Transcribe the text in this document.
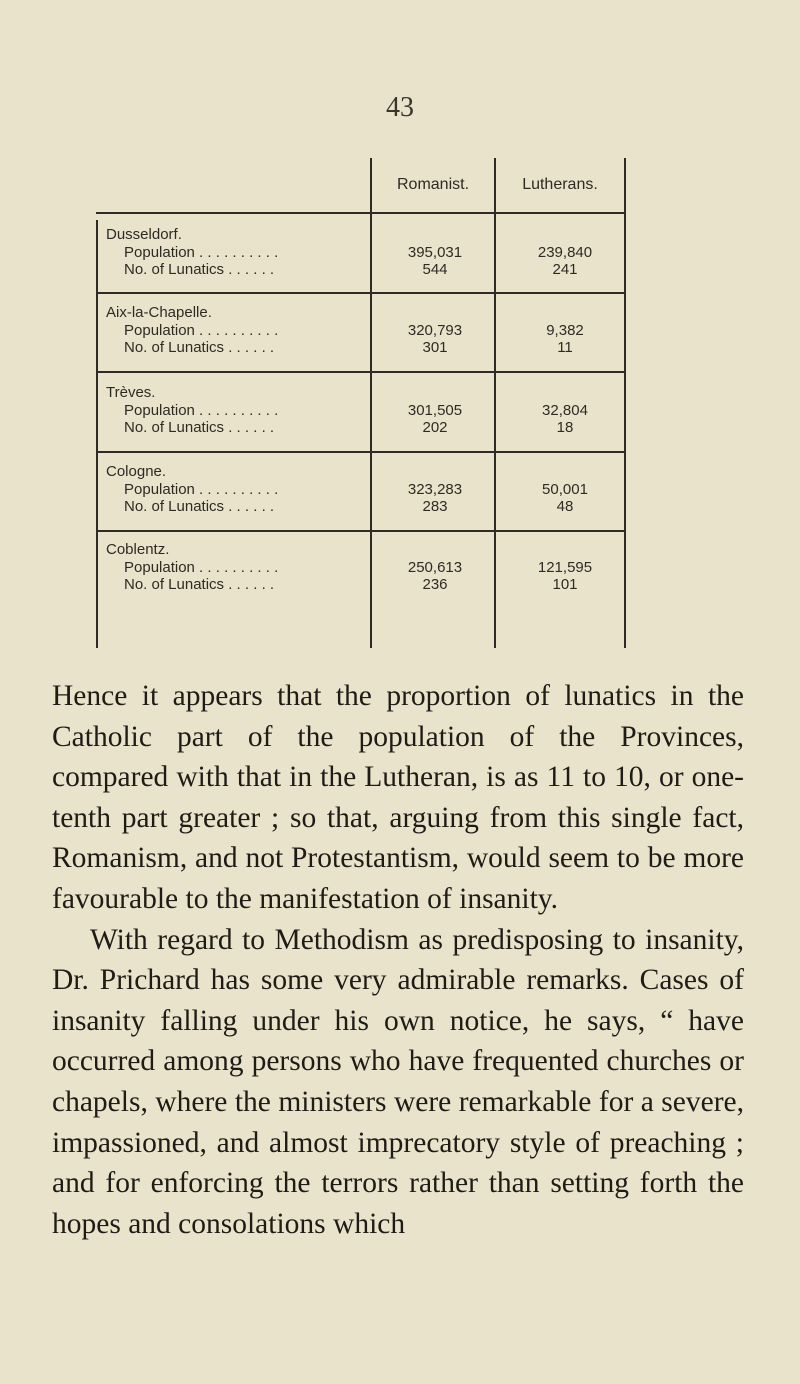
43
Romanist.	Lutherans.
Dusseldorf.
Population . . . . . . . . . .
No. of Lunatics . . . . . .
395,031
544
239,840
241
Aix-la-Chapelle.
Population . . . . . . . . . .
No. of Lunatics . . . . . .
320,793
301
9,382
11
Trèves.
Population . . . . . . . . . .
No. of Lunatics . . . . . .
301,505
202
32,804
18
Cologne.
Population . . . . . . . . . .
No. of Lunatics . . . . . .
323,283
283
50,001
48
Coblentz.
Population . . . . . . . . . .
No. of Lunatics . . . . . .
250,613
236
121,595
101

Hence it appears that the proportion of lunatics in the Catholic part of the population of the Provinces, compared with that in the Lutheran, is as 11 to 10, or one-tenth part greater ; so that, arguing from this single fact, Romanism, and not Protestantism, would seem to be more favourable to the manifestation of insanity.

With regard to Methodism as predisposing to insanity, Dr. Prichard has some very admirable remarks. Cases of insanity falling under his own notice, he says, “ have occurred among persons who have frequented churches or chapels, where the ministers were remarkable for a severe, impassioned, and almost imprecatory style of preaching ; and for enforcing the terrors rather than setting forth the hopes and consolations which
